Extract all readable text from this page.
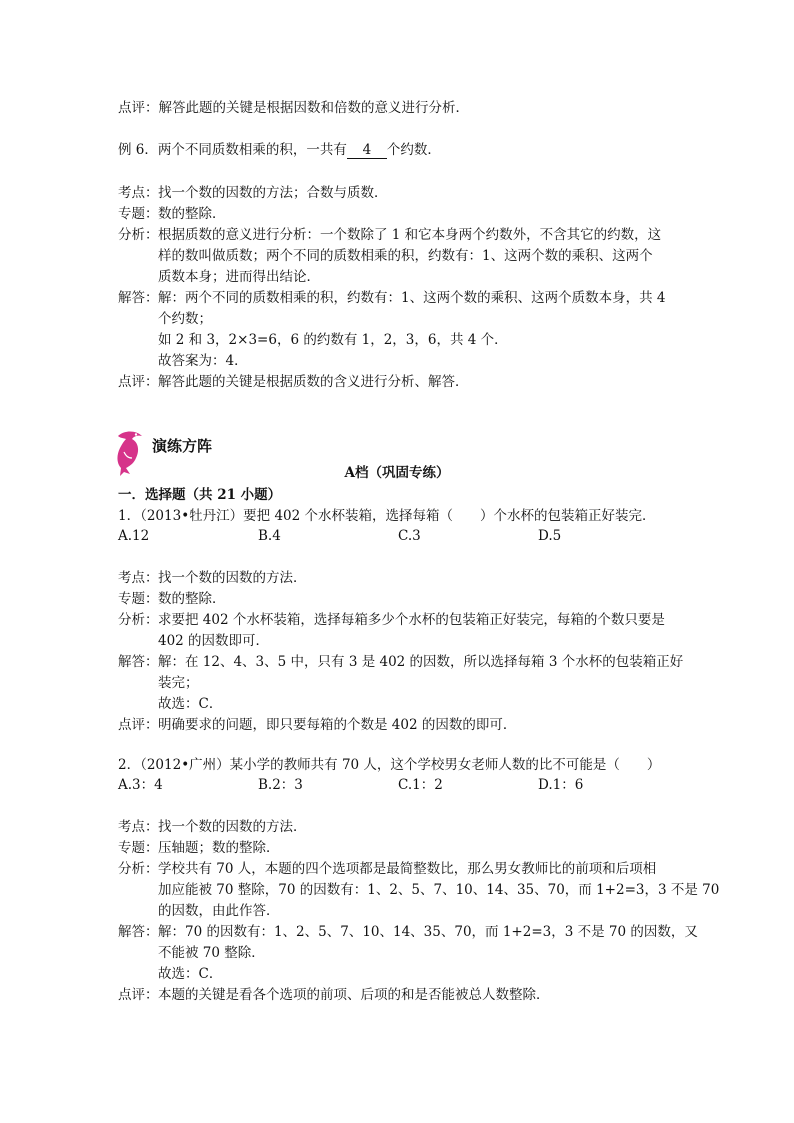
点评：解答此题的关键是根据因数和倍数的意义进行分析．
例 6．两个不同质数相乘的积，一共有 4 个约数．
考点： 找一个数的因数的方法；合数与质数．
专题： 数的整除．
分析： 根据质数的意义进行分析：一个数除了 1 和它本身两个约数外，不含其它的约数，这
样的数叫做质数；两个不同的质数相乘的积，约数有：1、这两个数的乘积、这两个
质数本身；进而得出结论．
解答： 解：两个不同的质数相乘的积，约数有：1、这两个数的乘积、这两个质数本身，共 4
个约数；
如 2 和 3，2×3=6，6 的约数有 1，2，3，6，共 4 个．
故答案为：4．
点评： 解答此题的关键是根据质数的含义进行分析、解答．
演练方阵
A档（巩固专练）
一．选择题（共 21 小题）
1．（2013•牡丹江）要把 402 个水杯装箱，选择每箱（　　）个水杯的包装箱正好装完．
A.12	B.4	C.3	D.5
考点： 找一个数的因数的方法．
专题： 数的整除．
分析： 求要把 402 个水杯装箱，选择每箱多少个水杯的包装箱正好装完，每箱的个数只要是
402 的因数即可．
解答： 解：在 12、4、3、5 中，只有 3 是 402 的因数，所以选择每箱 3 个水杯的包装箱正好
装完；
故选：C．
点评： 明确要求的问题，即只要每箱的个数是 402 的因数的即可．
2．（2012•广州）某小学的教师共有 70 人，这个学校男女老师人数的比不可能是（　　）
A.3：4	B.2：3	C.1：2	D.1：6
考点： 找一个数的因数的方法．
专题： 压轴题；数的整除．
分析： 学校共有 70 人，本题的四个选项都是最简整数比，那么男女教师比的前项和后项相
加应能被 70 整除，70 的因数有：1、2、5、7、10、14、35、70，而 1+2=3，3 不是 70
的因数，由此作答．
解答： 解：70 的因数有：1、2、5、7、10、14、35、70，而 1+2=3，3 不是 70 的因数，又
不能被 70 整除．
故选：C．
点评： 本题的关键是看各个选项的前项、后项的和是否能被总人数整除．
